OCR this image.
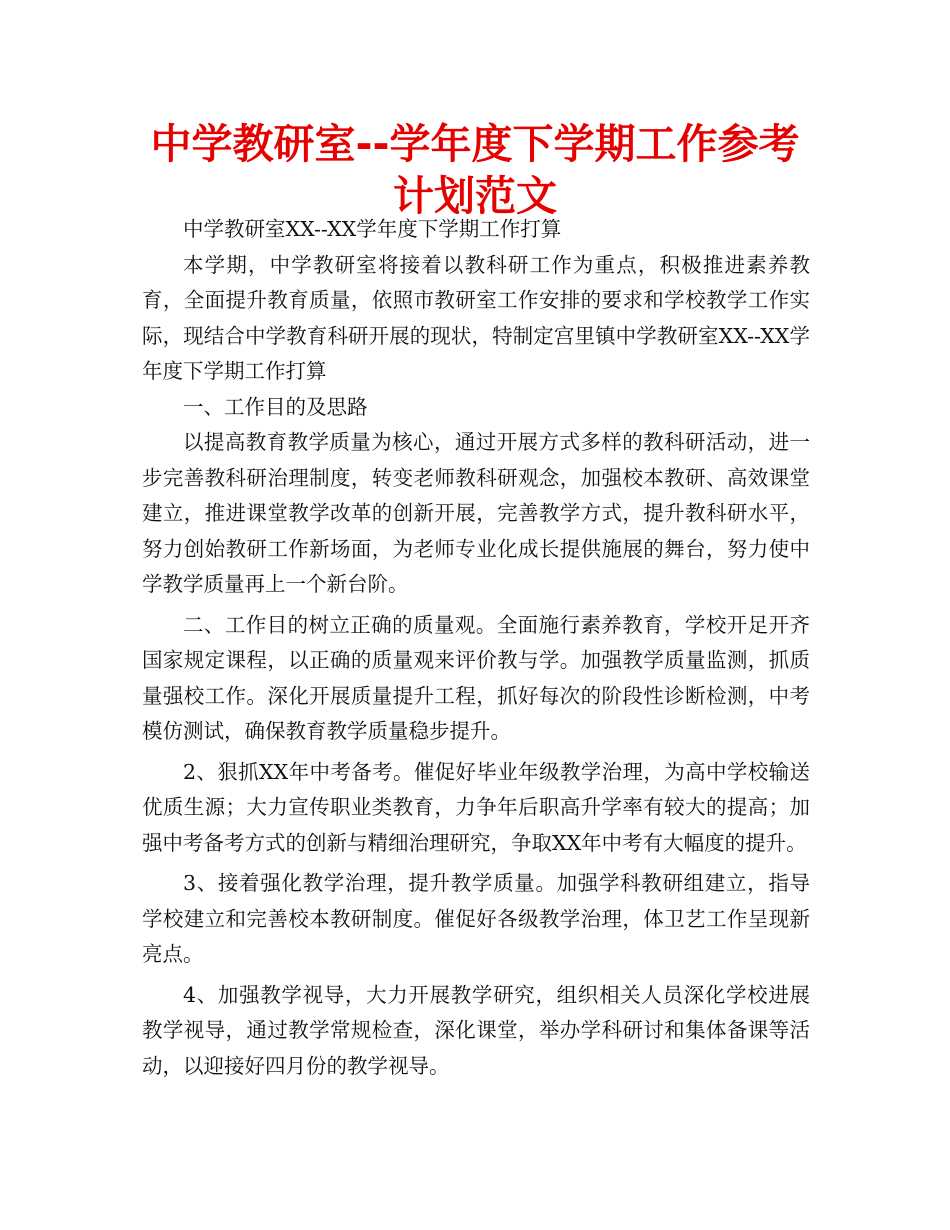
中学教研室--学年度下学期工作参考计划范文

中学教研室XX--XX学年度下学期工作打算

本学期，中学教研室将接着以教科研工作为重点，积极推进素养教育，全面提升教育质量，依照市教研室工作安排的要求和学校教学工作实际，现结合中学教育科研开展的现状，特制定宫里镇中学教研室XX--XX学年度下学期工作打算

一、工作目的及思路

以提高教育教学质量为核心，通过开展方式多样的教科研活动，进一步完善教科研治理制度，转变老师教科研观念，加强校本教研、高效课堂建立，推进课堂教学改革的创新开展，完善教学方式，提升教科研水平，努力创始教研工作新场面，为老师专业化成长提供施展的舞台，努力使中学教学质量再上一个新台阶。

二、工作目的树立正确的质量观。全面施行素养教育，学校开足开齐国家规定课程，以正确的质量观来评价教与学。加强教学质量监测，抓质量强校工作。深化开展质量提升工程，抓好每次的阶段性诊断检测，中考模仿测试，确保教育教学质量稳步提升。

2、狠抓XX年中考备考。催促好毕业年级教学治理，为高中学校输送优质生源；大力宣传职业类教育，力争年后职高升学率有较大的提高；加强中考备考方式的创新与精细治理研究，争取XX年中考有大幅度的提升。

3、接着强化教学治理，提升教学质量。加强学科教研组建立，指导学校建立和完善校本教研制度。催促好各级教学治理，体卫艺工作呈现新亮点。

4、加强教学视导，大力开展教学研究，组织相关人员深化学校进展教学视导，通过教学常规检查，深化课堂，举办学科研讨和集体备课等活动，以迎接好四月份的教学视导。
